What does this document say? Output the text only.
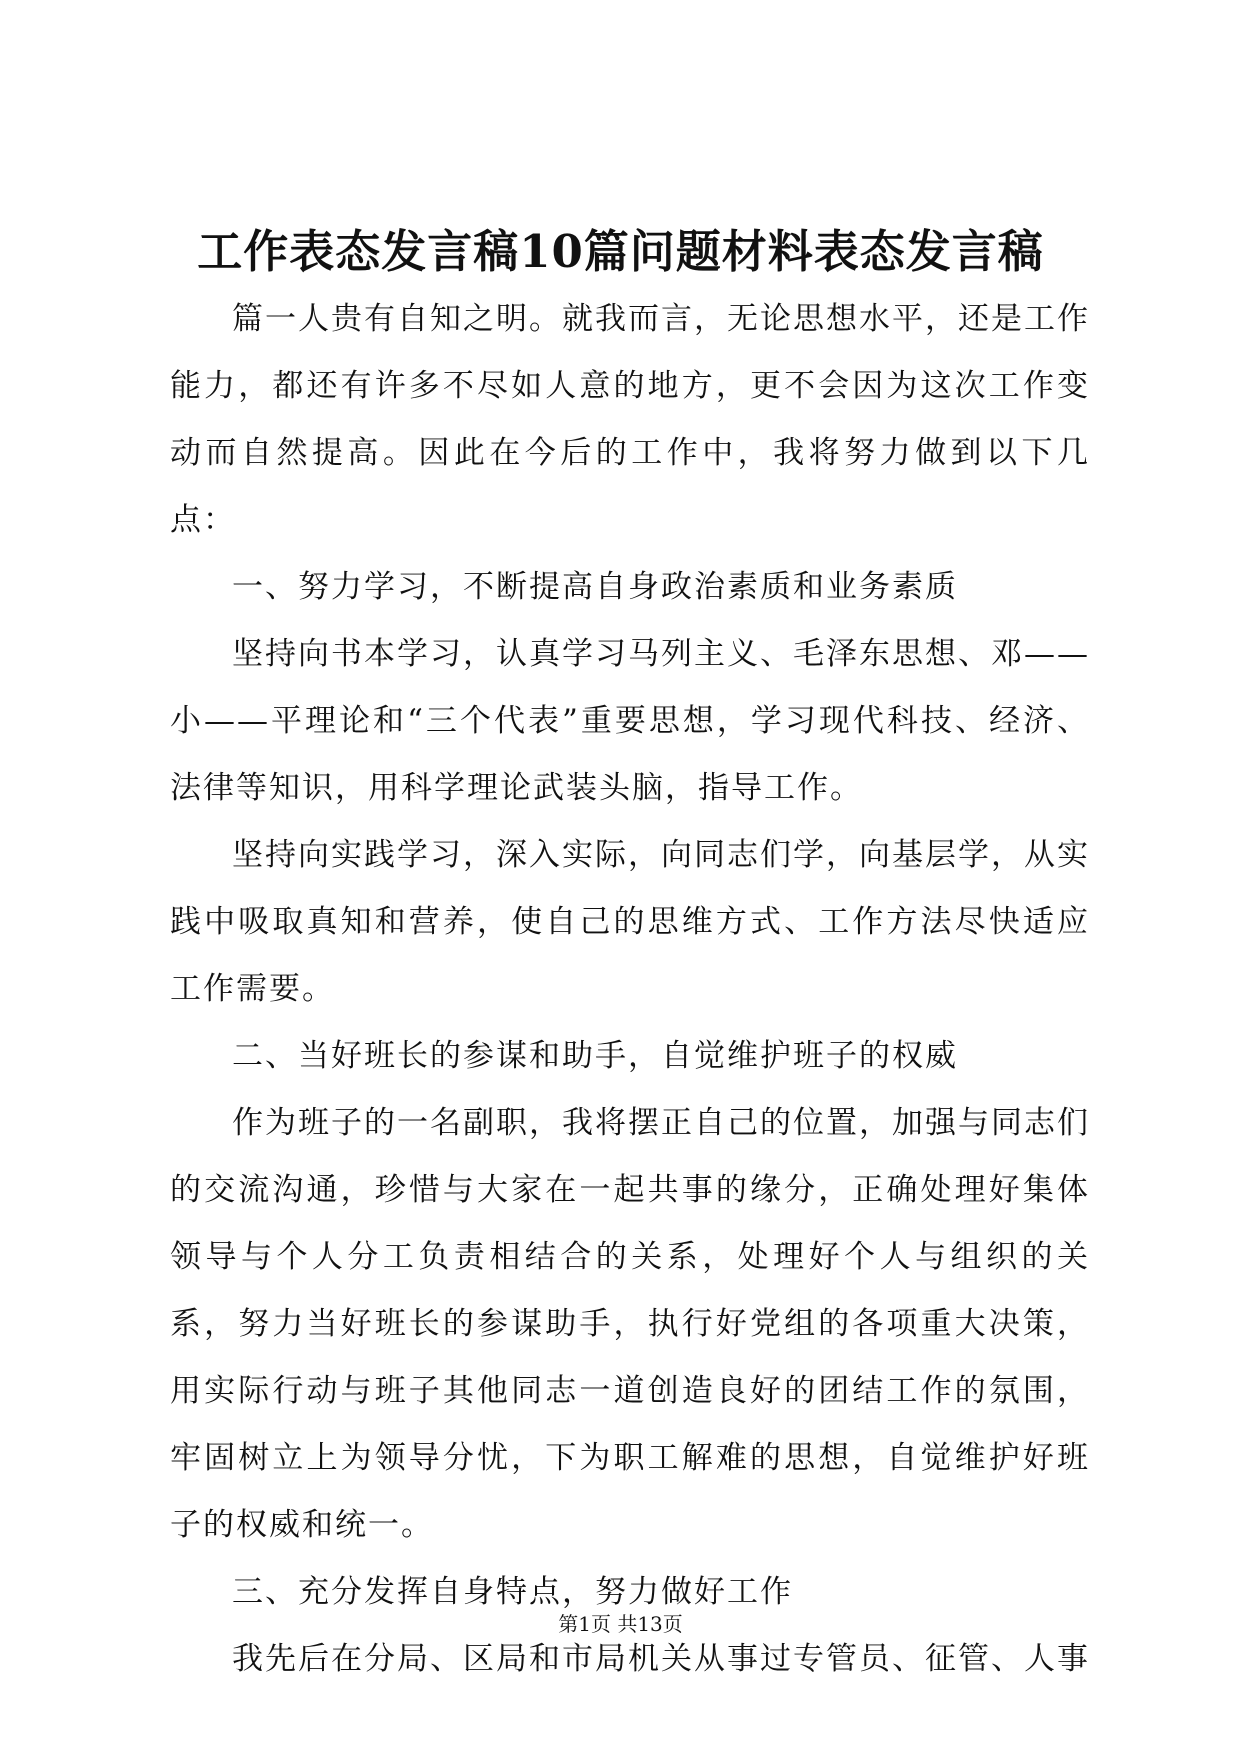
工作表态发言稿10篇问题材料表态发言稿

篇一人贵有自知之明。就我而言，无论思想水平，还是工作能力，都还有许多不尽如人意的地方，更不会因为这次工作变动而自然提高。因此在今后的工作中，我将努力做到以下几点：

一、努力学习，不断提高自身政治素质和业务素质

坚持向书本学习，认真学习马列主义、毛泽东思想、邓——小——平理论和“三个代表”重要思想，学习现代科技、经济、法律等知识，用科学理论武装头脑，指导工作。

坚持向实践学习，深入实际，向同志们学，向基层学，从实践中吸取真知和营养，使自己的思维方式、工作方法尽快适应工作需要。

二、当好班长的参谋和助手，自觉维护班子的权威

作为班子的一名副职，我将摆正自己的位置，加强与同志们的交流沟通，珍惜与大家在一起共事的缘分，正确处理好集体领导与个人分工负责相结合的关系，处理好个人与组织的关系，努力当好班长的参谋助手，执行好党组的各项重大决策，用实际行动与班子其他同志一道创造良好的团结工作的氛围，牢固树立上为领导分忧，下为职工解难的思想，自觉维护好班子的权威和统一。

三、充分发挥自身特点，努力做好工作

我先后在分局、区局和市局机关从事过专管员、征管、人事

第1页 共13页
